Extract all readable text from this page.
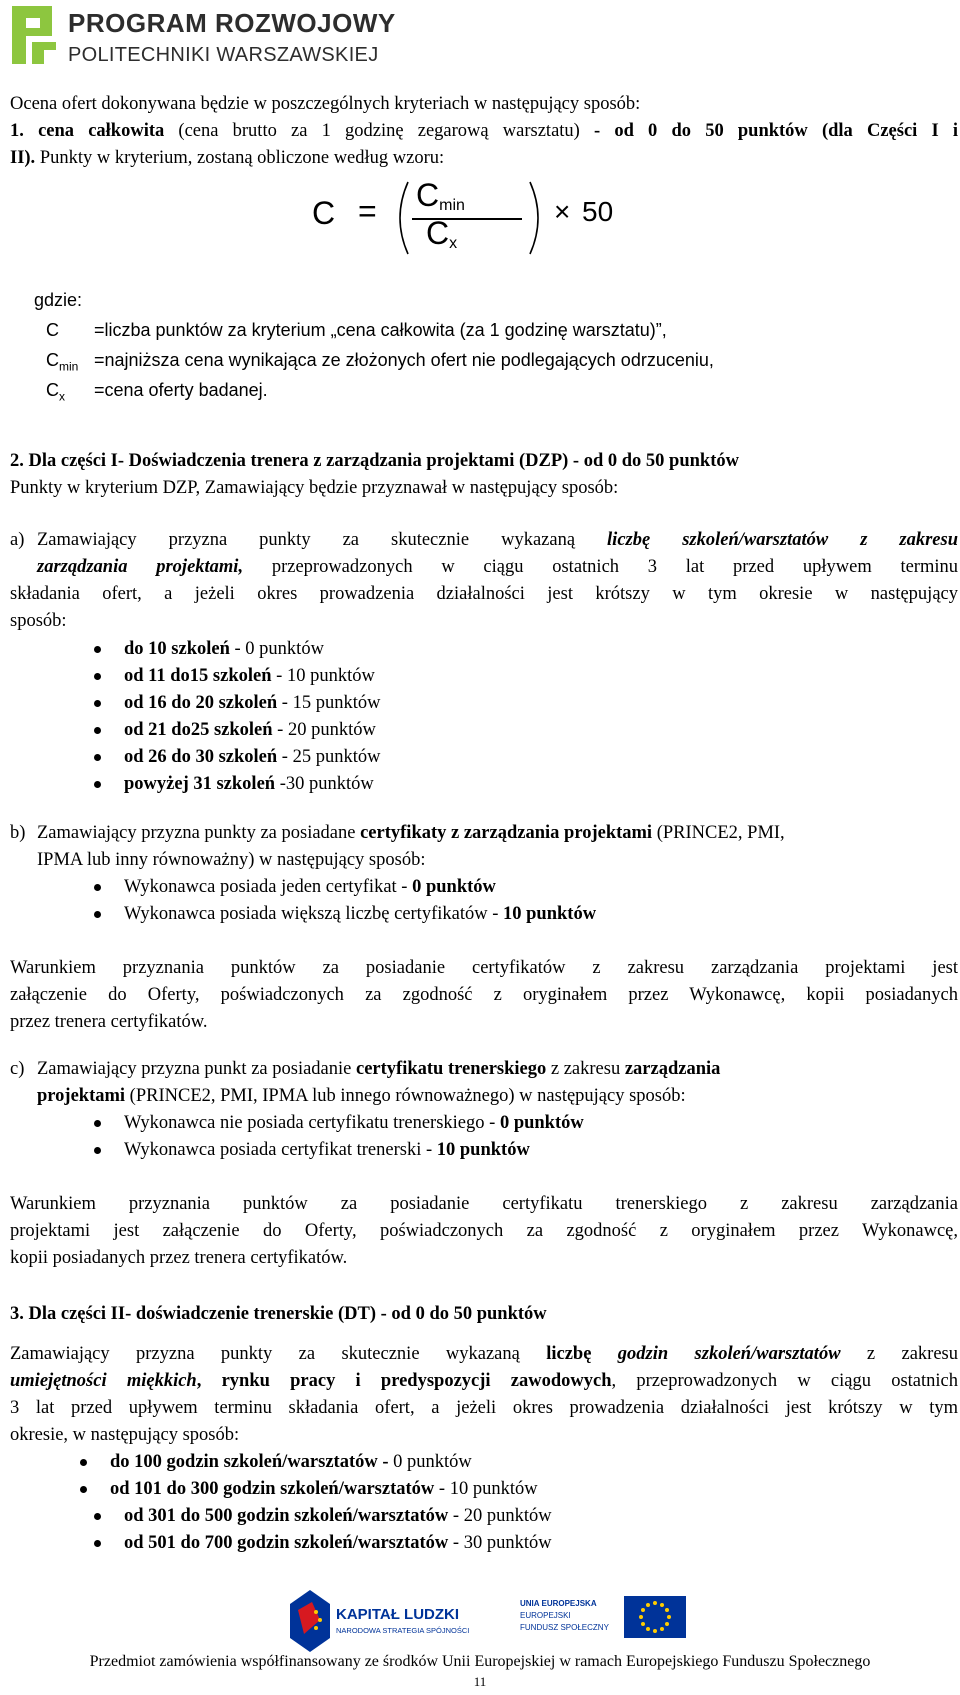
PROGRAM ROZWOJOWY
POLITECHNIKI WARSZAWSKIEJ

Ocena ofert dokonywana będzie w poszczególnych kryteriach w następujący sposób:

1. cena całkowita (cena brutto za 1 godzinę zegarową warsztatu) - od 0 do 50 punktów (dla Części I i

II). Punkty w kryterium, zostaną obliczone według wzoru:

$C = C_{min}$
$C_x$
× 50
gdzie:
C =liczba punktów za kryterium „cena całkowita (za 1 godzinę warsztatu)”,
$C_{min}$ =najniższa cena wynikająca ze złożonych ofert nie podlegających odrzuceniu,
$C_x$ =cena oferty badanej.

2. Dla części I- Doświadczenia trenera z zarządzania projektami (DZP) - od 0 do 50 punktów

Punkty w kryterium DZP, Zamawiający będzie przyznawał w następujący sposób:

a) Zamawiający przyzna punkty za skutecznie wykazaną liczbę szkoleń/warsztatów z zakresu

zarządzania projektami, przeprowadzonych w ciągu ostatnich 3 lat przed upływem terminu

składania ofert, a jeżeli okres prowadzenia działalności jest krótszy w tym okresie w następujący

sposób:

do 10 szkoleń - 0 punktów
od 11 do15 szkoleń - 10 punktów
od 16 do 20 szkoleń - 15 punktów
od 21 do25 szkoleń - 20 punktów
od 26 do 30 szkoleń - 25 punktów
powyżej 31 szkoleń -30 punktów
b) Zamawiający przyzna punkty za posiadane certyfikaty z zarządzania projektami (PRINCE2, PMI,

IPMA lub inny równoważny) w następujący sposób:

Wykonawca posiada jeden certyfikat - 0 punktów
Wykonawca posiada większą liczbę certyfikatów - 10 punktów

Warunkiem przyznania punktów za posiadanie certyfikatów z zakresu zarządzania projektami jest

załączenie do Oferty, poświadczonych za zgodność z oryginałem przez Wykonawcę, kopii posiadanych

przez trenera certyfikatów.

c) Zamawiający przyzna punkt za posiadanie certyfikatu trenerskiego z zakresu zarządzania

projektami (PRINCE2, PMI, IPMA lub innego równoważnego) w następujący sposób:

Wykonawca nie posiada certyfikatu trenerskiego - 0 punktów
Wykonawca posiada certyfikat trenerski - 10 punktów

Warunkiem przyznania punktów za posiadanie certyfikatu trenerskiego z zakresu zarządzania

projektami jest załączenie do Oferty, poświadczonych za zgodność z oryginałem przez Wykonawcę,

kopii posiadanych przez trenera certyfikatów.

3. Dla części II- doświadczenie trenerskie (DT) - od 0 do 50 punktów

Zamawiający przyzna punkty za skutecznie wykazaną liczbę godzin szkoleń/warsztatów z zakresu

umiejętności miękkich, rynku pracy i predyspozycji zawodowych, przeprowadzonych w ciągu ostatnich

3 lat przed upływem terminu składania ofert, a jeżeli okres prowadzenia działalności jest krótszy w tym

okresie, w następujący sposób:

do 100 godzin szkoleń/warsztatów - 0 punktów
od 101 do 300 godzin szkoleń/warsztatów - 10 punktów
od 301 do 500 godzin szkoleń/warsztatów - 20 punktów
od 501 do 700 godzin szkoleń/warsztatów - 30 punktów
KAPITAŁ LUDZKI
NARODOWA STRATEGIA SPÓJNOŚCI
UNIA EUROPEJSKA
EUROPEJSKI
FUNDUSZ SPOŁECZNY
Przedmiot zamówienia współfinansowany ze środków Unii Europejskiej w ramach Europejskiego Funduszu Społecznego
11
